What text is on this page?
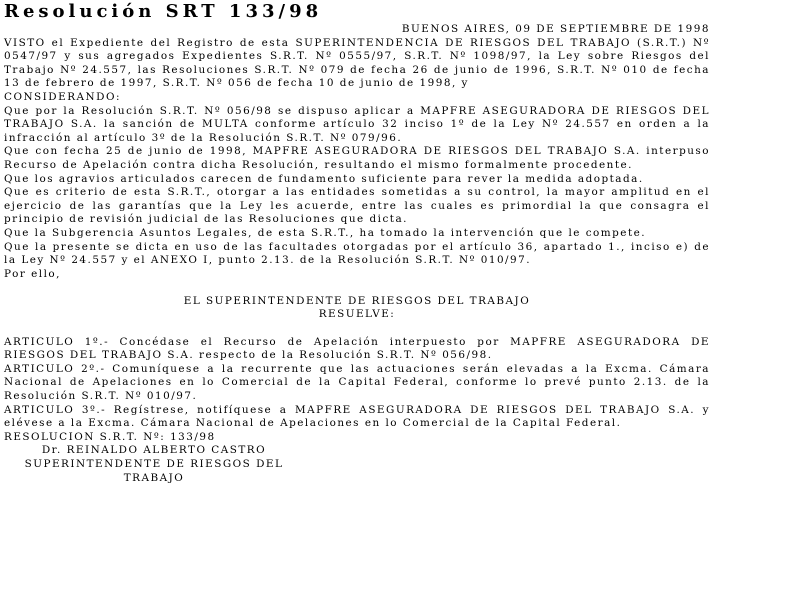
Resolución SRT 133/98

BUENOS AIRES, 09 DE SEPTIEMBRE DE 1998

VISTO el Expediente del Registro de esta SUPERINTENDENCIA DE RIESGOS DEL TRABAJO (S.R.T.) Nº 0547/97 y sus agregados Expedientes S.R.T. Nº 0555/97, S.R.T. Nº 1098/97, la Ley sobre Riesgos del Trabajo Nº 24.557, las Resoluciones S.R.T. Nº 079 de fecha 26 de junio de 1996, S.R.T. Nº 010 de fecha 13 de febrero de 1997, S.R.T. Nº 056 de fecha 10 de junio de 1998, y

CONSIDERANDO:

Que por la Resolución S.R.T. Nº 056/98 se dispuso aplicar a MAPFRE ASEGURADORA DE RIESGOS DEL TRABAJO S.A. la sanción de MULTA conforme artículo 32 inciso 1º de la Ley Nº 24.557 en orden a la infracción al artículo 3º de la Resolución S.R.T. Nº 079/96.

Que con fecha 25 de junio de 1998, MAPFRE ASEGURADORA DE RIESGOS DEL TRABAJO S.A. interpuso Recurso de Apelación contra dicha Resolución, resultando el mismo formalmente procedente.

Que los agravios articulados carecen de fundamento suficiente para rever la medida adoptada.

Que es criterio de esta S.R.T., otorgar a las entidades sometidas a su control, la mayor amplitud en el ejercicio de las garantías que la Ley les acuerde, entre las cuales es primordial la que consagra el principio de revisión judicial de las Resoluciones que dicta.

Que la Subgerencia Asuntos Legales, de esta S.R.T., ha tomado la intervención que le compete.

Que la presente se dicta en uso de las facultades otorgadas por el artículo 36, apartado 1., inciso e) de la Ley Nº 24.557 y el ANEXO I, punto 2.13. de la Resolución S.R.T. Nº 010/97.

Por ello,

EL SUPERINTENDENTE DE RIESGOS DEL TRABAJO

RESUELVE:

ARTICULO 1º.- Concédase el Recurso de Apelación interpuesto por MAPFRE ASEGURADORA DE RIESGOS DEL TRABAJO S.A. respecto de la Resolución S.R.T. Nº 056/98.

ARTICULO 2º.- Comuníquese a la recurrente que las actuaciones serán elevadas a la Excma. Cámara Nacional de Apelaciones en lo Comercial de la Capital Federal, conforme lo prevé punto 2.13. de la Resolución S.R.T. Nº 010/97.

ARTICULO 3º.- Regístrese, notifíquese a MAPFRE ASEGURADORA DE RIESGOS DEL TRABAJO S.A. y elévese a la Excma. Cámara Nacional de Apelaciones en lo Comercial de la Capital Federal.

RESOLUCION S.R.T. Nº: 133/98

Dr. REINALDO ALBERTO CASTRO

SUPERINTENDENTE DE RIESGOS DEL TRABAJO
